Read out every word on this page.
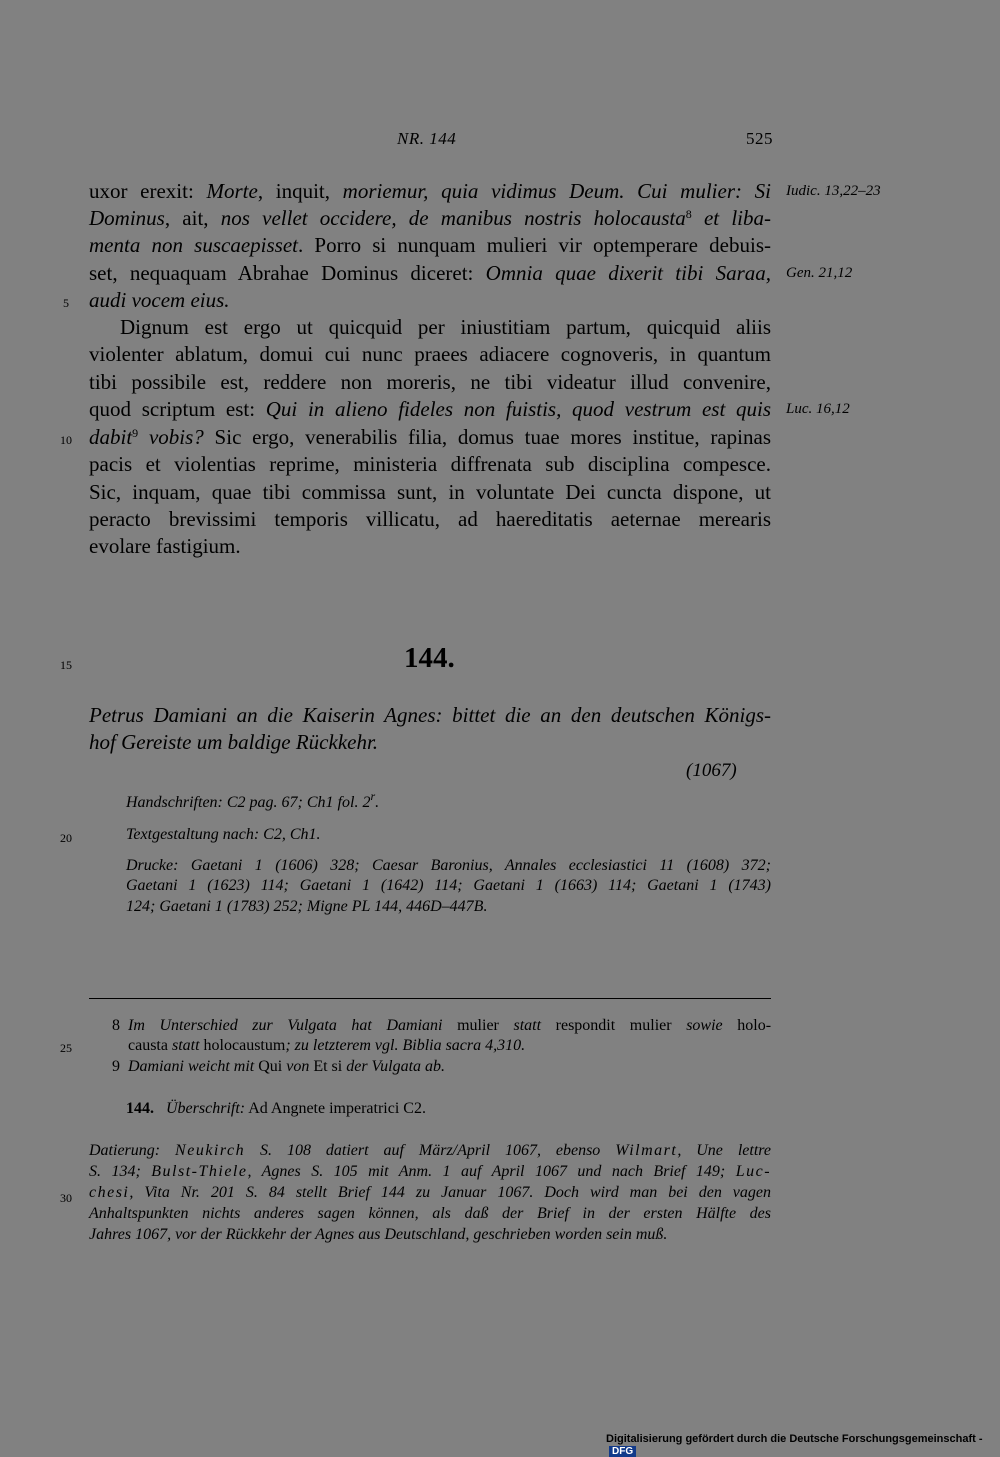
NR. 144	525
uxor erexit: Morte, inquit, moriemur, quia vidimus Deum. Cui mulier: Si
Dominus, ait, nos vellet occidere, de manibus nostris holocausta$^8$ et liba-
menta non suscaepisset. Porro si nunquam mulieri vir optemperare debuis-
set, nequaquam Abrahae Dominus diceret: Omnia quae dixerit tibi Saraa,
audi vocem eius.
Dignum est ergo ut quicquid per iniustitiam partum, quicquid aliis
violenter ablatum, domui cui nunc praees adiacere cognoveris, in quantum
tibi possibile est, reddere non moreris, ne tibi videatur illud convenire,
quod scriptum est: Qui in alieno fideles non fuistis, quod vestrum est quis
dabit$^9$ vobis? Sic ergo, venerabilis filia, domus tuae mores institue, rapinas
pacis et violentias reprime, ministeria diffrenata sub disciplina compesce.
Sic, inquam, quae tibi commissa sunt, in voluntate Dei cuncta dispone, ut
peracto brevissimi temporis villicatu, ad haereditatis aeternae merearis
evolare fastigium.
5
10
15
20
25
30
Iudic. 13,22–23
Gen. 21,12
Luc. 16,12
144.
Petrus Damiani an die Kaiserin Agnes: bittet die an den deutschen Königs-
hof Gereiste um baldige Rückkehr.
(1067)
Handschriften: C2 pag. 67; Ch1 fol. 2$^r$.
Textgestaltung nach: C2, Ch1.
Drucke: Gaetani 1 (1606) 328; Caesar Baronius, Annales ecclesiastici 11 (1608) 372;
Gaetani 1 (1623) 114; Gaetani 1 (1642) 114; Gaetani 1 (1663) 114; Gaetani 1 (1743)
124; Gaetani 1 (1783) 252; Migne PL 144, 446D–447B.
8 Im Unterschied zur Vulgata hat Damiani mulier statt respondit mulier sowie holo-
causta statt holocaustum; zu letzterem vgl. Biblia sacra 4,310.
9 Damiani weicht mit Qui von Et si der Vulgata ab.
144. Überschrift: Ad Angnete imperatrici C2.
Datierung: Neukirch S. 108 datiert auf März/April 1067, ebenso Wilmart, Une lettre
S. 134; Bulst-Thiele, Agnes S. 105 mit Anm. 1 auf April 1067 und nach Brief 149; Luc-
chesi, Vita Nr. 201 S. 84 stellt Brief 144 zu Januar 1067. Doch wird man bei den vagen
Anhaltspunkten nichts anderes sagen können, als daß der Brief in der ersten Hälfte des
Jahres 1067, vor der Rückkehr der Agnes aus Deutschland, geschrieben worden sein muß.
Digitalisierung gefördert durch die Deutsche Forschungsgemeinschaft -DFG
